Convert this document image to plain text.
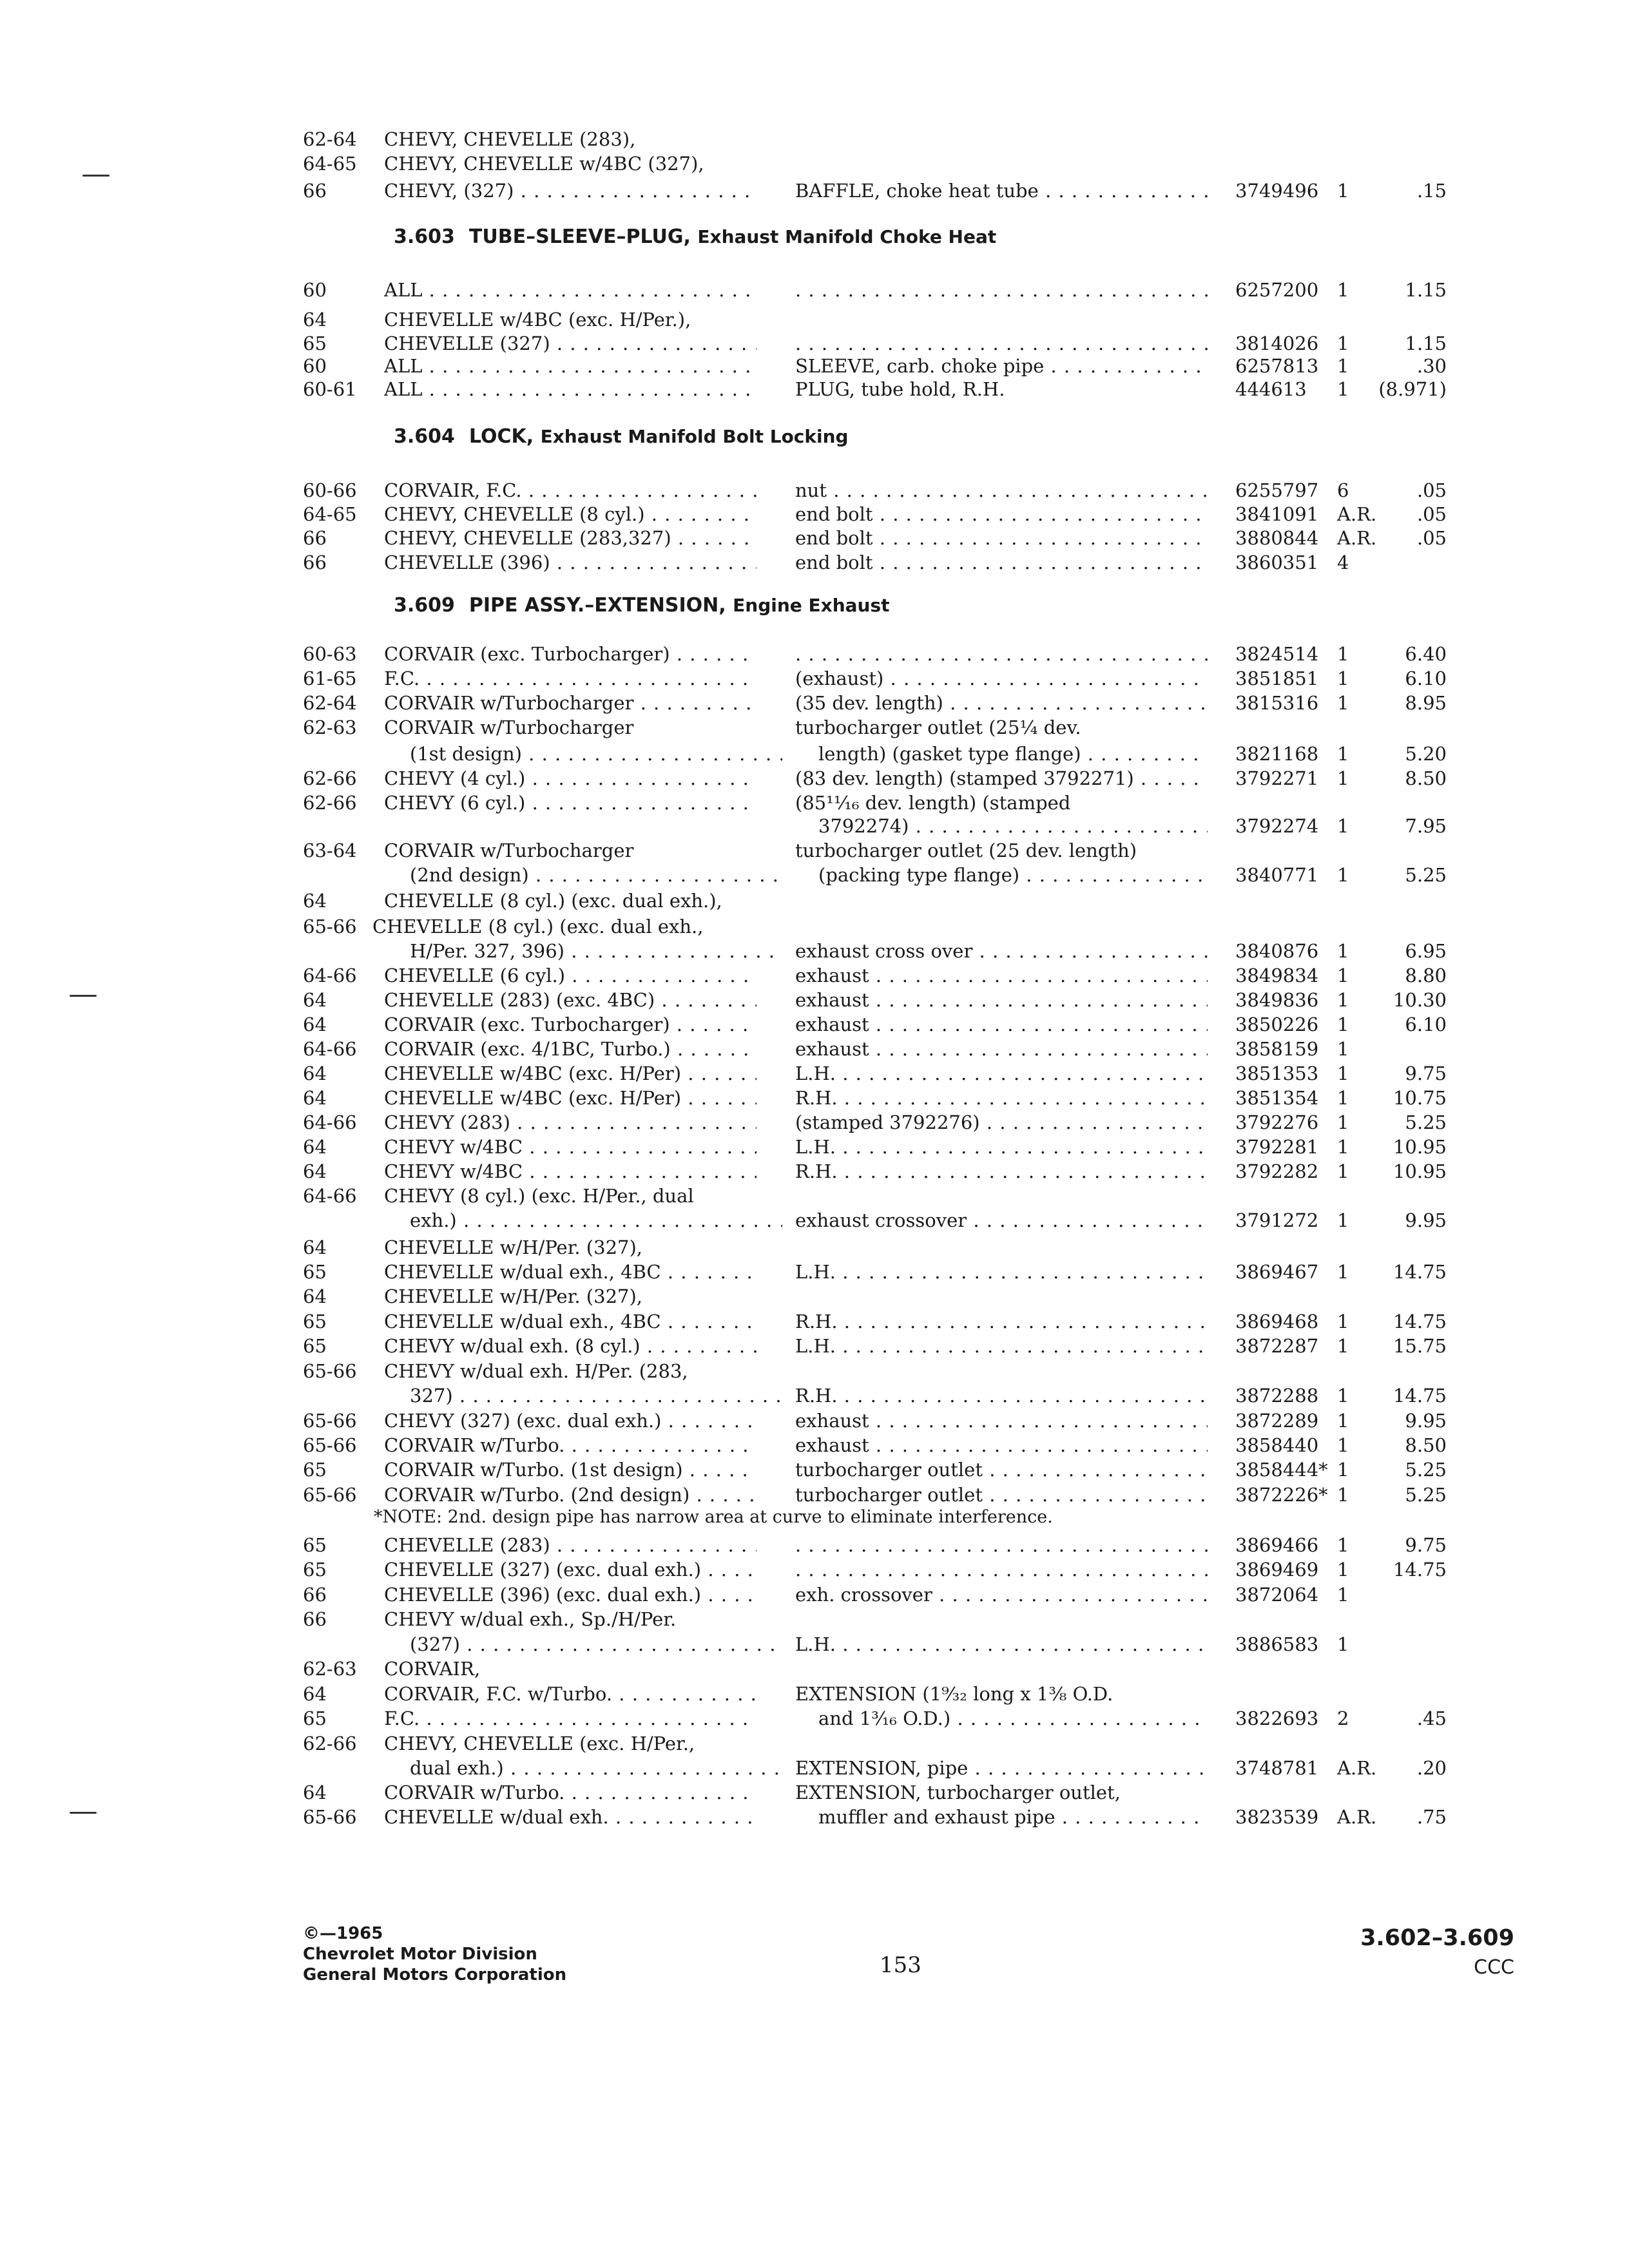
62-64 CHEVY, CHEVELLE (283),
64-65 CHEVY, CHEVELLE w/4BC (327),
66	CHEVY, (327) . . .	BAFFLE, choke heat tube . . .	3749496 1	.15
3.603 TUBE–SLEEVE–PLUG, Exhaust Manifold Choke Heat
60	ALL . . . . . .	6257200 1	1.15
64	CHEVELLE w/4BC (exc. H/Per.),
65	CHEVELLE (327) . . . . . .	3814026 1	1.15
60	ALL . . .	SLEEVE, carb. choke pipe . . .	6257813 1	.30
60-61 ALL . . .	PLUG, tube hold, R.H.	444613 1 (8.971)
3.604 LOCK, Exhaust Manifold Bolt Locking
60-66 CORVAIR, F.C. . . .	nut . . .	6255797 6	.05
64-65 CHEVY, CHEVELLE (8 cyl.) . . .	end bolt . . .	3841091 A.R. .05
66	CHEVY, CHEVELLE (283,327) . . .	end bolt . . .	3880844 A.R. .05
66	CHEVELLE (396) . . .	end bolt . . .	3860351 4
3.609 PIPE ASSY.–EXTENSION, Engine Exhaust
60-63 CORVAIR (exc. Turbocharger) . . . . . .	3824514 1	6.40
61-65 F.C. . . .	(exhaust) . . .	3851851 1	6.10
62-64 CORVAIR w/Turbocharger . . .	(35 dev. length) . . .	3815316 1	8.95
62-63 CORVAIR w/Turbocharger	turbocharger outlet (25¼ dev.
(1st design) . . .	length) (gasket type flange) . . .	3821168 1	5.20
62-66 CHEVY (4 cyl.) . . .	(83 dev. length) (stamped 3792271) . . .	3792271 1	8.50
62-66 CHEVY (6 cyl.) . . .	(85¹¹⁄₁₆ dev. length) (stamped
3792274) . . .	3792274 1	7.95
63-64 CORVAIR w/Turbocharger	turbocharger outlet (25 dev. length)
(2nd design) . . .	(packing type flange) . . .	3840771 1	5.25
64	CHEVELLE (8 cyl.) (exc. dual exh.),
65-66 CHEVELLE (8 cyl.) (exc. dual exh.,
H/Per. 327, 396) . . .	exhaust cross over . . .	3840876 1	6.95
64-66 CHEVELLE (6 cyl.) . . .	exhaust . . .	3849834 1	8.80
64	CHEVELLE (283) (exc. 4BC) . . .	exhaust . . .	3849836 1 10.30
64	CORVAIR (exc. Turbocharger) . . .	exhaust . . .	3850226 1	6.10
64-66 CORVAIR (exc. 4/1BC, Turbo.) . . .	exhaust . . .	3858159 1
64	CHEVELLE w/4BC (exc. H/Per) . . .	L.H. . . .	3851353 1	9.75
64	CHEVELLE w/4BC (exc. H/Per) . . .	R.H. . . .	3851354 1 10.75
64-66 CHEVY (283) . . .	(stamped 3792276) . . .	3792276 1	5.25
64	CHEVY w/4BC . . .	L.H. . . .	3792281 1 10.95
64	CHEVY w/4BC . . .	R.H. . . .	3792282 1 10.95
64-66 CHEVY (8 cyl.) (exc. H/Per., dual
exh.) . . .	exhaust crossover . . .	3791272 1	9.95
64	CHEVELLE w/H/Per. (327),
65	CHEVELLE w/dual exh., 4BC . . .	L.H. . . .	3869467 1 14.75
64	CHEVELLE w/H/Per. (327),
65	CHEVELLE w/dual exh., 4BC . . .	R.H. . . .	3869468 1 14.75
65	CHEVY w/dual exh. (8 cyl.) . . .	L.H. . . .	3872287 1 15.75
65-66 CHEVY w/dual exh. H/Per. (283,
327) . . .	R.H. . . .	3872288 1 14.75
65-66 CHEVY (327) (exc. dual exh.) . . .	exhaust . . .	3872289 1	9.95
65-66 CORVAIR w/Turbo. . . .	exhaust . . .	3858440 1	8.50
65	CORVAIR w/Turbo. (1st design) . . .	turbocharger outlet . . .	3858444* 1	5.25
65-66 CORVAIR w/Turbo. (2nd design) . . .	turbocharger outlet . . .	3872226* 1	5.25
*NOTE: 2nd. design pipe has narrow area at curve to eliminate interference.
65	CHEVELLE (283) . . . . . .	3869466 1	9.75
65	CHEVELLE (327) (exc. dual exh.) . . . . . .	3869469 1 14.75
66	CHEVELLE (396) (exc. dual exh.) . . .	exh. crossover . . .	3872064 1
66	CHEVY w/dual exh., Sp./H/Per.
(327) . . .	L.H. . . .	3886583 1
62-63 CORVAIR,
64	CORVAIR, F.C. w/Turbo. . . .	EXTENSION (1⁹⁄₃₂ long x 1³⁄₈ O.D.
65	F.C. . . .	and 1³⁄₁₆ O.D.) . . .	3822693 2	.45
62-66 CHEVY, CHEVELLE (exc. H/Per.,
dual exh.) . . .	EXTENSION, pipe . . .	3748781 A.R. .20
64	CORVAIR w/Turbo. . . .	EXTENSION, turbocharger outlet,
65-66 CHEVELLE w/dual exh. . . .	muffler and exhaust pipe . . .	3823539 A.R. .75
©—1965
Chevrolet Motor Division
General Motors Corporation	153
3.602–3.609
CCC
